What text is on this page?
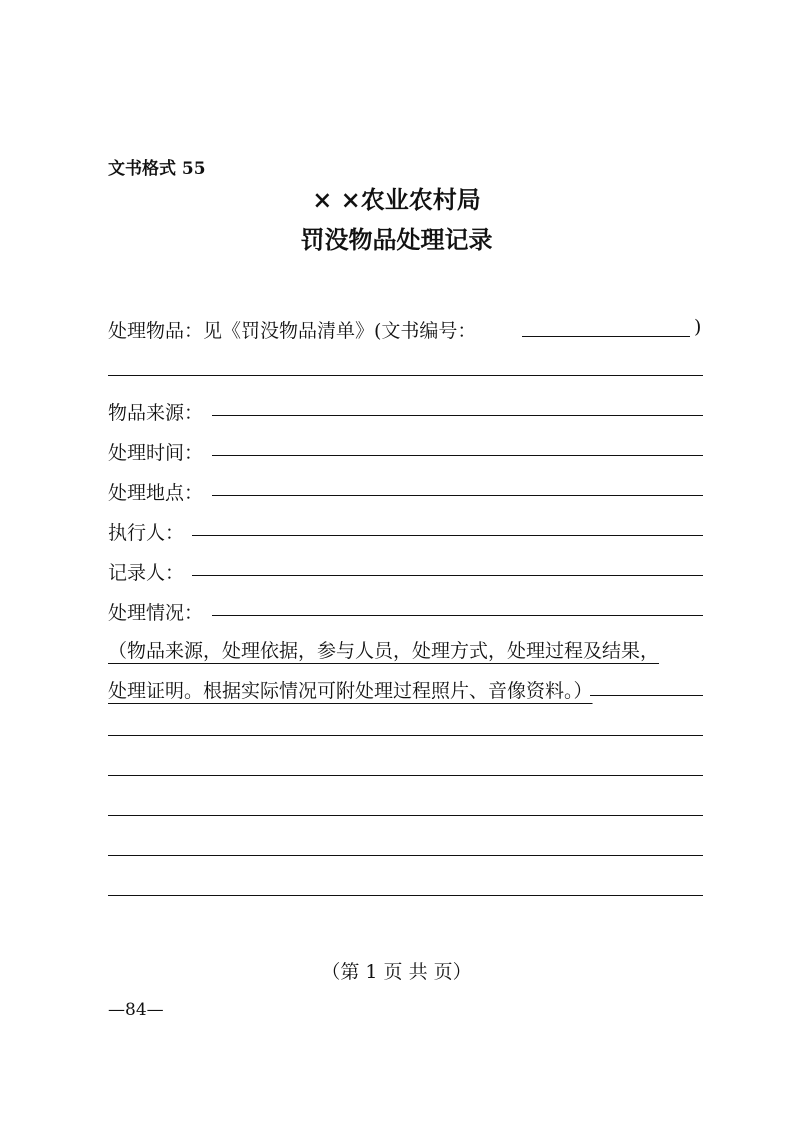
文书格式 55
× ×农业农村局
罚没物品处理记录
处理物品：见《罚没物品清单》(文书编号：	)
物品来源：
处理时间：
处理地点：
执行人：
记录人：
处理情况：
（物品来源，处理依据，参与人员，处理方式，处理过程及结果，
处理证明。根据实际情况可附处理过程照片、音像资料。）
（第 1 页 共 页）
—84—
